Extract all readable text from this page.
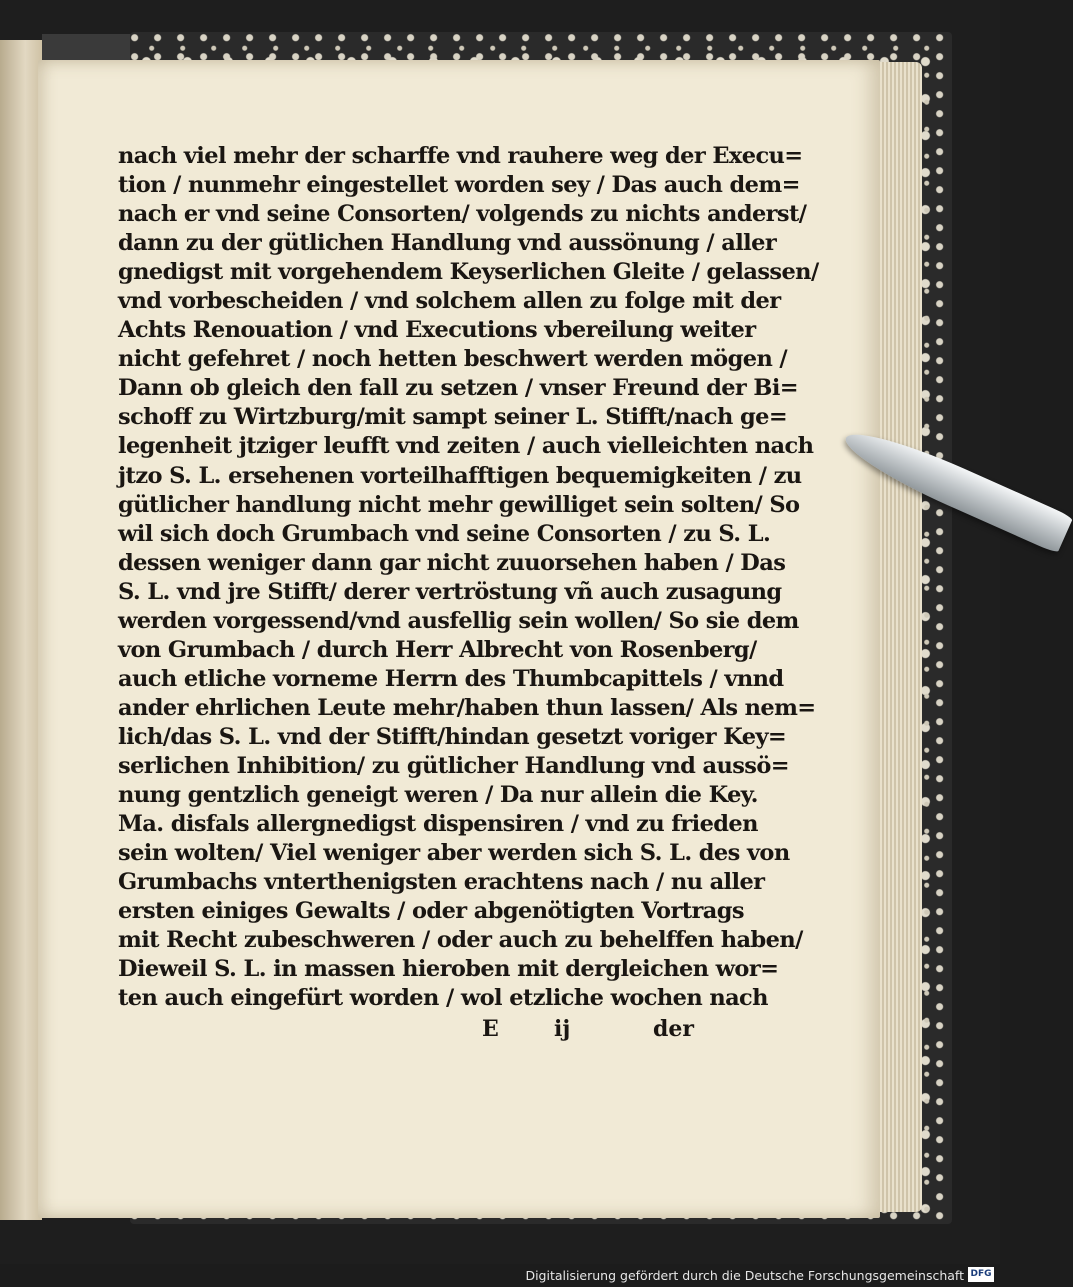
nach viel mehr der scharffe vnd rauhere weg der Execu=
tion / nunmehr eingestellet worden sey / Das auch dem=
nach er vnd seine Consorten/ volgends zu nichts anderst/
dann zu der gütlichen Handlung vnd aussönung / aller
gnedigst mit vorgehendem Keyserlichen Gleite / gelassen/
vnd vorbescheiden / vnd solchem allen zu folge mit der
Achts Renouation / vnd Executions vbereilung weiter
nicht gefehret / noch hetten beschwert werden mögen /
Dann ob gleich den fall zu setzen / vnser Freund der Bi=
schoff zu Wirtzburg/mit sampt seiner L. Stifft/nach ge=
legenheit jtziger leufft vnd zeiten / auch vielleichten nach
jtzo S. L. ersehenen vorteilhafftigen bequemigkeiten / zu
gütlicher handlung nicht mehr gewilliget sein solten/ So
wil sich doch Grumbach vnd seine Consorten / zu S. L.
dessen weniger dann gar nicht zuuorsehen haben / Das
S. L. vnd jre Stifft/ derer vertröstung vñ auch zusagung
werden vorgessend/vnd ausfellig sein wollen/ So sie dem
von Grumbach / durch Herr Albrecht von Rosenberg/
auch etliche vorneme Herrn des Thumbcapittels / vnnd
ander ehrlichen Leute mehr/haben thun lassen/ Als nem=
lich/das S. L. vnd der Stifft/hindan gesetzt voriger Key=
serlichen Inhibition/ zu gütlicher Handlung vnd aussö=
nung gentzlich geneigt weren / Da nur allein die Key.
Ma. disfals allergnedigst dispensiren / vnd zu frieden
sein wolten/ Viel weniger aber werden sich S. L. des von
Grumbachs vnterthenigsten erachtens nach / nu aller
ersten einiges Gewalts / oder abgenötigten Vortrags
mit Recht zubeschweren / oder auch zu behelffen haben/
Dieweil S. L. in massen hieroben mit dergleichen wor=
ten auch eingefürt worden / wol etzliche wochen nach
E	ij	der
Digitalisierung gefördert durch die Deutsche Forschungsgemeinschaft DFG
